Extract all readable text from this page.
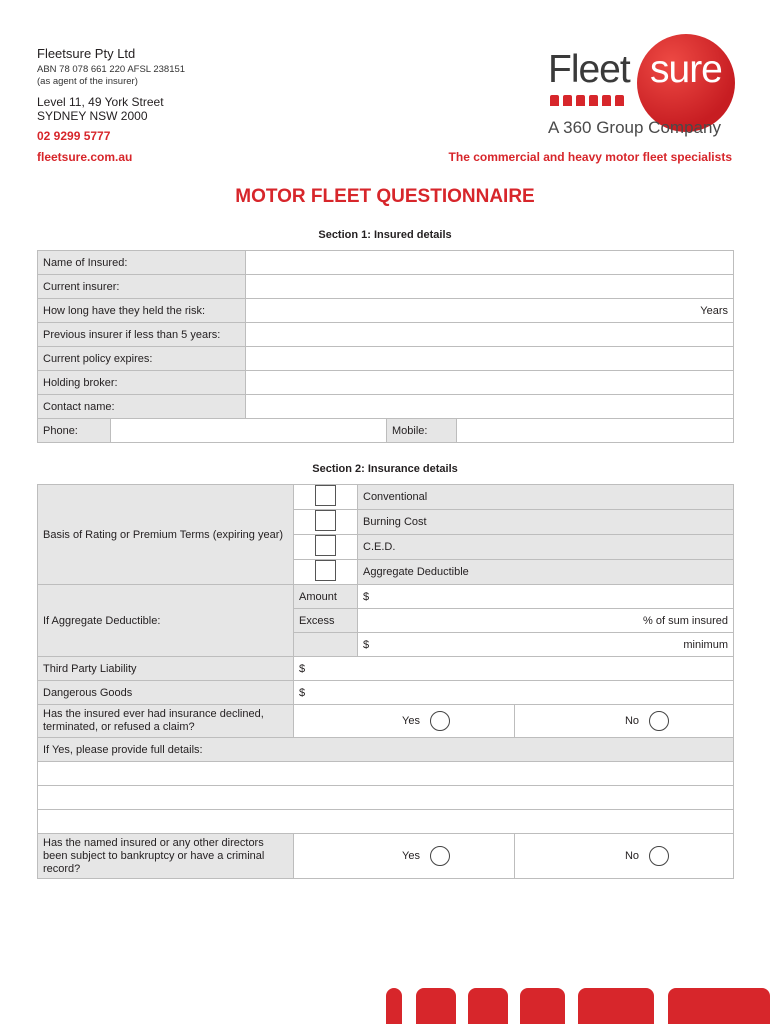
Fleetsure Pty Ltd
ABN 78 078 661 220 AFSL 238151
(as agent of the insurer)
Level 11, 49 York Street
SYDNEY NSW 2000
02 9299 5777
fleetsure.com.au
Fleet sure
A 360 Group Company
The commercial and heavy motor fleet specialists
MOTOR FLEET QUESTIONNAIRE
Section 1: Insured details
Name of Insured:				
Current insurer:				
How long have they held the risk:		Years		
Previous insurer if less than 5 years:				
Current policy expires:				
Holding broker:				
Contact name:				
Phone:			Mobile:	
Section 2: Insurance details
Basis of Rating or Premium Terms (expiring year)		Conventional	
		Burning Cost	
		C.E.D.	
		Aggregate Deductible	
If Aggregate Deductible:	Amount	$	
	Excess	% of sum insured	
		$ minimum	

Third Party Liability	$		
Dangerous Goods	$		
Has the insured ever had insurance declined, terminated, or refused a claim?	Yes		No
If Yes, please provide full details:			

Has the named insured or any other directors been subject to bankruptcy or have a criminal record?	Yes		No
